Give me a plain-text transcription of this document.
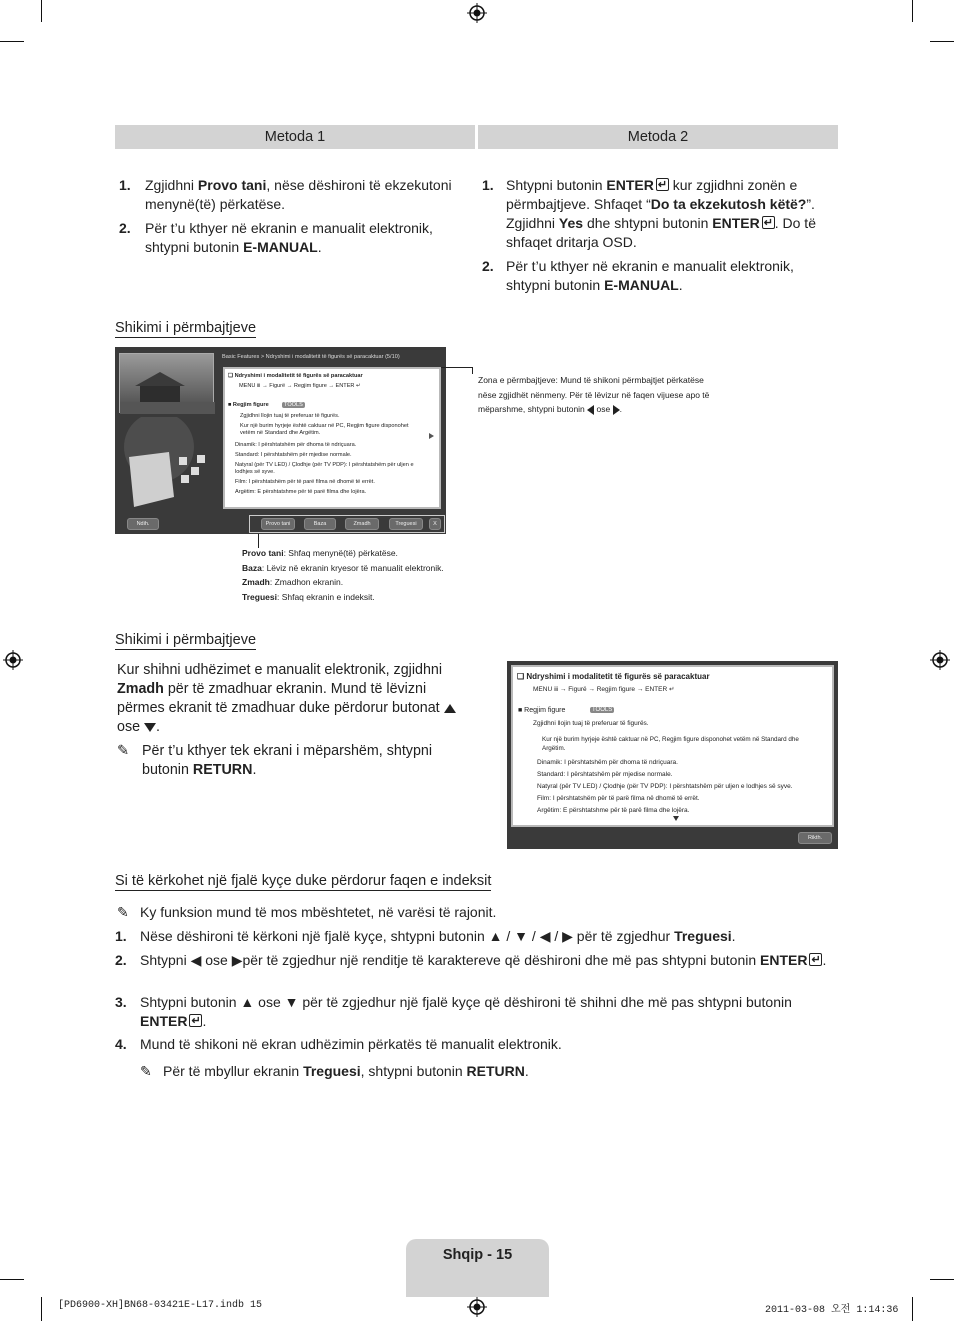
Metoda 1
1. Zgjidhni Provo tani, nëse dëshironi të ekzekutoni menynë(të) përkatëse.
2. Për t’u kthyer në ekranin e manualit elektronik, shtypni butonin E-MANUAL.
Metoda 2
1. Shtypni butonin ENTER↵ kur zgjidhni zonën e përmbajtjeve. Shfaqet “Do ta ekzekutosh këtë?”. Zgjidhni Yes dhe shtypni butonin ENTER ↵ . Do të shfaqet dritarja OSD.
2. Për t’u kthyer në ekranin e manualit elektronik, shtypni butonin E-MANUAL.
Shikimi i përmbajtjeve
Basic Features > Ndryshimi i modalitetit të figurës së paracaktuar (5/10)
❑ Ndryshimi i modalitetit të figurës së paracaktuar
MENU ⅲ → Figurë → Regjim figure → ENTER ↵
■ Regjim figure	TOOLS
Zgjidhni llojin tuaj të preferuar të figurës.
Kur një burim hyrjeje është caktuar në PC, Regjim figure disponohet vetëm në Standard dhe Argëtim.
Dinamik: I përshtatshëm për dhoma të ndriçuara.
Standard: I përshtatshëm për mjedise normale.
Natyral (për TV LED) / Çlodhje (për TV PDP): I përshtatshëm për uljen e lodhjes së syve.
Film: I përshtatshëm për të parë filma në dhomë të errët.
Argëtim: E përshtatshme për të parë filma dhe lojëra.
Ndih.	Provo tani	Baza	Zmadh	Treguesi	X
Zona e përmbajtjeve: Mund të shikoni përmbajtjet përkatëse nëse zgjidhët nënmeny. Për të lëvizur në faqen vijuese apo të mëparshme, shtypni butonin  ose .
Provo tani: Shfaq menynë(të) përkatëse.
Baza: Lëviz në ekranin kryesor të manualit elektronik.
Zmadh: Zmadhon ekranin.
Treguesi: Shfaq ekranin e indeksit.
Shikimi i përmbajtjeve
Kur shihni udhëzimet e manualit elektronik, zgjidhni Zmadh për të zmadhuar ekranin. Mund të lëvizni përmes ekranit të zmadhuar duke përdorur butonat  ose .
✎ Për t’u kthyer tek ekrani i mëparshëm, shtypni butonin RETURN.
❑ Ndryshimi i modalitetit të figurës së paracaktuar
MENU ⅲ → Figurë → Regjim figure → ENTER ↵
■ Regjim figure	TOOLS
Zgjidhni llojin tuaj të preferuar të figurës.
Kur një burim hyrjeje është caktuar në PC, Regjim figure disponohet vetëm në Standard dhe Argëtim.
Dinamik: I përshtatshëm për dhoma të ndriçuara.
Standard: I përshtatshëm për mjedise normale.
Natyral (për TV LED) / Çlodhje (për TV PDP): I përshtatshëm për uljen e lodhjes së syve.
Film: I përshtatshëm për të parë filma në dhomë të errët.
Argëtim: E përshtatshme për të parë filma dhe lojëra.
Rikth.
Si të kërkohet një fjalë kyçe duke përdorur faqen e indeksit
✎ Ky funksion mund të mos mbështetet, në varësi të rajonit.
1. Nëse dëshironi të kërkoni një fjalë kyçe, shtypni butonin ▲ / ▼ / ◀ / ▶ për të zgjedhur Treguesi.
2. Shtypni ◀ ose ▶për të zgjedhur një renditje të karaktereve që dëshironi dhe më pas shtypni butonin ENTER ↵ .
3. Shtypni butonin ▲ ose ▼ për të zgjedhur një fjalë kyçe që dëshironi të shihni dhe më pas shtypni butonin ENTER ↵ .
4. Mund të shikoni në ekran udhëzimin përkatës të manualit elektronik.
✎ Për të mbyllur ekranin Treguesi, shtypni butonin RETURN.
Shqip - 15
[PD6900-XH]BN68-03421E-L17.indb 15	2011-03-08 오전 1:14:36
